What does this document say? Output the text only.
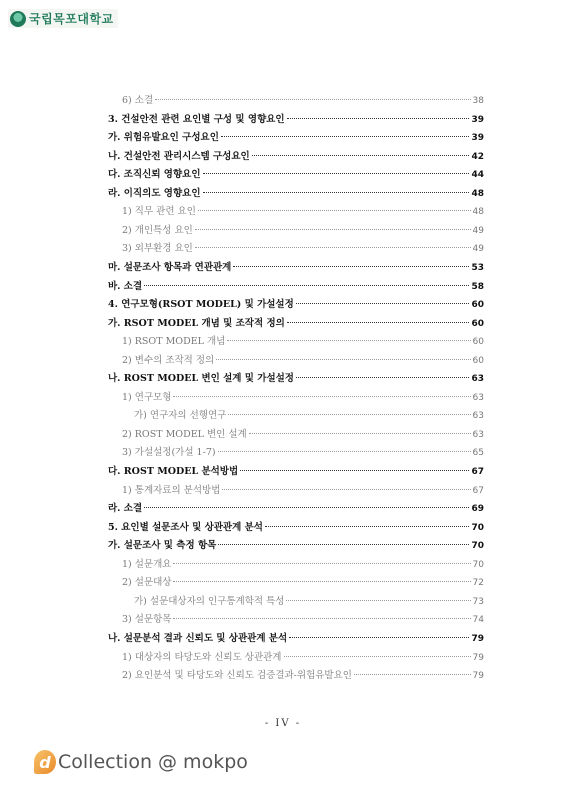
국립목포대학교
6) 소결	38
3. 건설안전 관련 요인별 구성 및 영향요인	39
가. 위험유발요인 구성요인	39
나. 건설안전 관리시스템 구성요인	42
다. 조직신뢰 영향요인	44
라. 이직의도 영향요인	48
1) 직무 관련 요인	48
2) 개인특성 요인	49
3) 외부환경 요인	49
마. 설문조사 항목과 연관관계	53
바. 소결	58
4. 연구모형(RSOT MODEL) 및 가설설정	60
가. RSOT MODEL 개념 및 조작적 정의	60
1) RSOT MODEL 개념	60
2) 변수의 조작적 정의	60
나. ROST MODEL 변인 설계 및 가설설정	63
1) 연구모형	63
가) 연구자의 선행연구	63
2) ROST MODEL 변인 설계	63
3) 가설설정(가설 1-7)	65
다. ROST MODEL 분석방법	67
1) 통계자료의 분석방법	67
라. 소결	69
5. 요인별 설문조사 및 상관관계 분석	70
가. 설문조사 및 측정 항목	70
1) 설문개요	70
2) 설문대상	72
가) 설문대상자의 인구통계학적 특성	73
3) 설문항목	74
나. 설문분석 결과 신뢰도 및 상관관계 분석	79
1) 대상자의 타당도와 신뢰도 상관관계	79
2) 요인분석 및 타당도와 신뢰도 검증결과-위험유발요인	79
- IV -
d Collection @ mokpo
